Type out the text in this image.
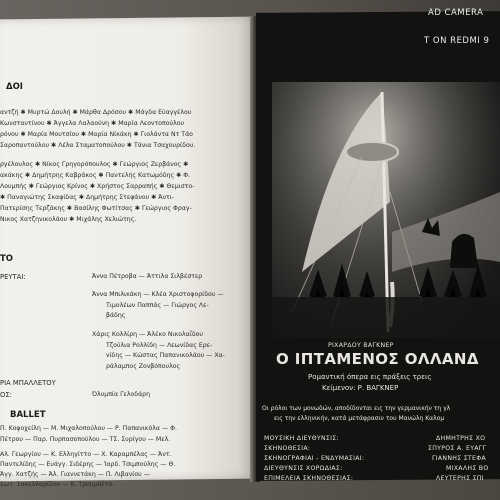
ΔΟΙ
αντζή ✱ Μυρτώ Δουλή ✱ Μάρθα Δρόσου ✱ Μάγδα Εύαγγέλου
Κωνσταντίνου ✱ Άγγελα Λαλαούνη ✱ Μαρία Λεοντοπούλου
ρόνου ✱ Μαρία Μουτσίου ✱ Μαρία Νίκάκη ✱ Γιολάντα Ντ Τάο
Σαροπαντούλου ✱ Λέλα Σταματοπούλου ✱ Τάνια Τσαχουρίδου.
ργέλουλος ✱ Νίκος Γρηγορόπουλος ✱ Γεώργιος Ζερβάνος ✱
ακάκης ✱ Δημήτρης Καβράκος ✱ Παντελής Κατωμόδης ✱ Φ.
Λουμπής ✱ Γεώργιος Κρίνος ✱ Χρήστος Σαρραπής ✱ Θεμιστο-
✱ Παναγιώτης Σκαφίδας ✱ Δημήτρης Στεφάνου ✱ Άντι-
Πατερίσης Τερζάκης ✱ Βασίλης Φωτίτσας ✱ Γεώργιος Φραγ-
Νικος Χατζηνικολάου ✱ Μιχάλης Χελιώτης.
ΤΟ
ΡΕΥΤΑΙ:	Άννα Πέτροβα — Άττιλα Σιλβέστερ
Άννα Μπιλικάκη — Κλέα Χριστοφορίδου —
Τιμολέων Παππάς — Γιώργος Λε-
βάδης
Χάρις Κολλίρη — Άλέκο Νικολαΐδου
Τζούλια Ρολλίδη — Λεωνίδας Ερε-
νίδης — Κώστας Παπανικολάου — Χα-
ράλαμπος Ζονβόπουλος
ΡΙΑ ΜΠΑΛΛΕΤΟΥ
ΟΣ:	Όλυμπία Γελοδάρη
BALLET
Π. Κοφοχείλη — Μ. Μιχαλοπούλου — Ρ. Παπανικόλα — Φ.
Πέτρου — Παρ. Πυρπασοπούλου — ΤΣ. Συρίγου — Μελ.
Αλ. Γεωργίου — Κ. Ελληγίττο — Χ. Καραμπέλας — Άντ.
Παντελίδης — Ευάγγ. Σιδέρης — Ίαρδ. Τσιμπούλης — Θ.
Άγγ. Χατζής — Άλ. Γιαννετάκη — Π. Λιβανίου —
Σωτ. Σακελλαρίδου — Κ. Τρουμπέτα.
ΡΙΧΑΡΔΟΥ ΒΑΓΚΝΕΡ
Ο ΙΠΤΑΜΕΝΟΣ ΟΛΛΑΝΔ
Ρομαντική όπερα εις πράξεις τρεις
Κείμενον: Ρ. ΒΑΓΚΝΕΡ
Οι ρόλοι των μονωδών, αποδίδονται εις την γερμανικήν τη γλ
εις την ελληνικήν, κατά μετάφρασιν του Μανώλη Καλομ
ΜΟΥΣΙΚΗ ΔΙΕΥΘΥΝΣΙΣ:	ΔΗΜΗΤΡΗΣ ΧΟ
ΣΚΗΝΟΘΕΣΙΑ:	ΣΠΥΡΟΣ Α. ΕΥΑΓΓ
ΣΚΗΝΟΓΡΑΦΙΑΙ - ΕΝΔΥΜΑΣΙΑΙ:	ΓΙΑΝΝΗΣ ΣΤΕΦΑ
ΔΙΕΥΘΥΝΣΙΣ ΧΟΡΩΔΙΑΣ:	ΜΙΧΑΛΗΣ ΒΟ
ΕΠΙΜΕΛΕΙΑ ΣΚΗΝΟΘΕΣΙΑΣ:	ΛΕΥΤΕΡΗΣ ΣΠΙ
AD CAMERA
T ON REDMI 9
